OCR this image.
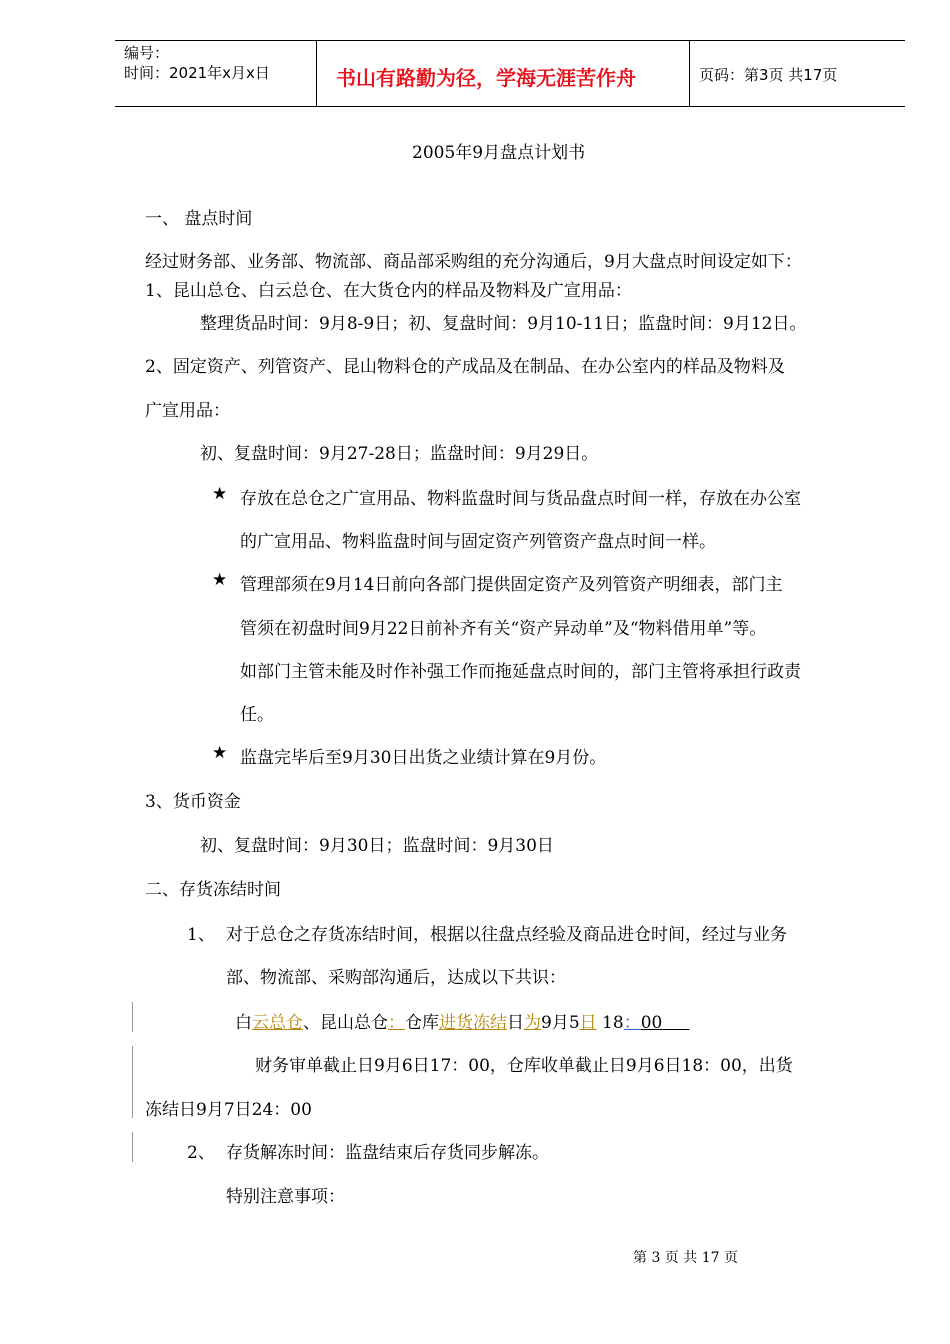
编号：
时间：2021年x月x日	书山有路勤为径，学海无涯苦作舟	页码：第3页 共17页
2005年9月盘点计划书
一、 盘点时间
经过财务部、业务部、物流部、商品部采购组的充分沟通后，9月大盘点时间设定如下：
1、昆山总仓、白云总仓、在大货仓内的样品及物料及广宣用品：
整理货品时间：9月8-9日；初、复盘时间：9月10-11日；监盘时间：9月12日。
2、固定资产、列管资产、昆山物料仓的产成品及在制品、在办公室内的样品及物料及
广宣用品：
初、复盘时间：9月27-28日；监盘时间：9月29日。
★ 存放在总仓之广宣用品、物料监盘时间与货品盘点时间一样，存放在办公室
的广宣用品、物料监盘时间与固定资产列管资产盘点时间一样。
★ 管理部须在9月14日前向各部门提供固定资产及列管资产明细表，部门主
管须在初盘时间9月22日前补齐有关“资产异动单”及“物料借用单”等。
如部门主管未能及时作补强工作而拖延盘点时间的，部门主管将承担行政责
任。
★ 监盘完毕后至9月30日出货之业绩计算在9月份。
3、货币资金
初、复盘时间：9月30日；监盘时间：9月30日
二、存货冻结时间
1、 对于总仓之存货冻结时间，根据以往盘点经验及商品进仓时间，经过与业务
部、物流部、采购部沟通后，达成以下共识：
白云总仓、昆山总仓：仓库进货冻结日为9月5日 18：00
财务审单截止日9月6日17：00，仓库收单截止日9月6日18：00，出货
冻结日9月7日24：00
2、 存货解冻时间：监盘结束后存货同步解冻。
特别注意事项：
第 3 页 共 17 页
